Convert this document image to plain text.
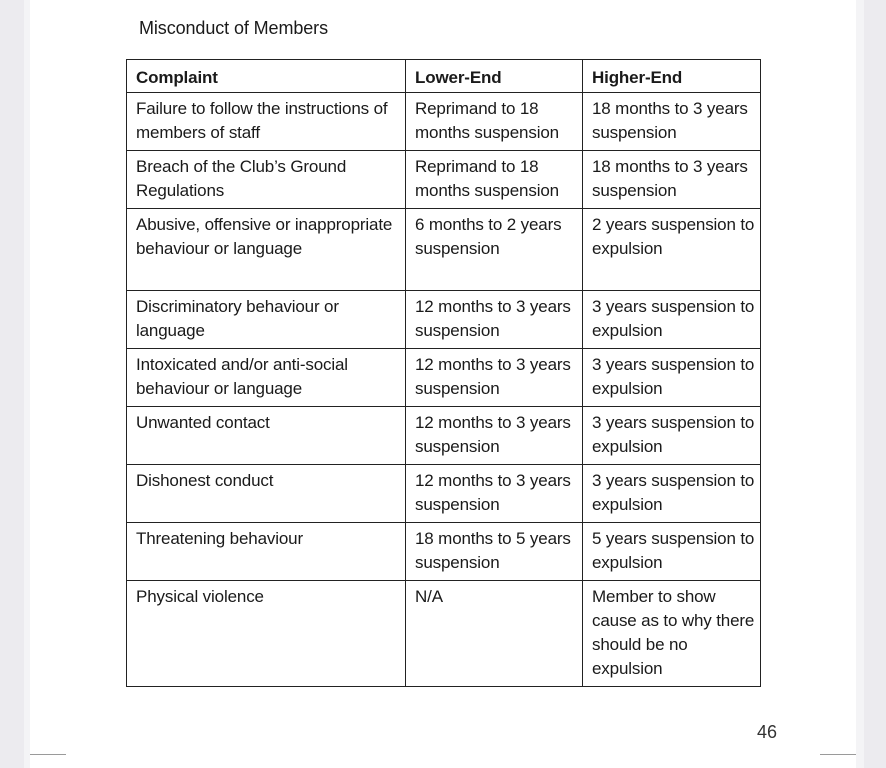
Misconduct of Members
Complaint	Lower-End	Higher-End
Failure to follow the instructions of members of staff	Reprimand to 18 months suspension	18 months to 3 years suspension
Breach of the Club’s Ground Regulations	Reprimand to 18 months suspension	18 months to 3 years suspension
Abusive, offensive or inappropriate behaviour or language	6 months to 2 years suspension	2 years suspension to expulsion
Discriminatory behaviour or language	12 months to 3 years suspension	3 years suspension to expulsion
Intoxicated and/or anti-social behaviour or language	12 months to 3 years suspension	3 years suspension to expulsion
Unwanted contact	12 months to 3 years suspension	3 years suspension to expulsion
Dishonest conduct	12 months to 3 years suspension	3 years suspension to expulsion
Threatening behaviour	18 months to 5 years suspension	5 years suspension to expulsion
Physical violence	N/A	Member to show cause as to why there should be no expulsion
46
